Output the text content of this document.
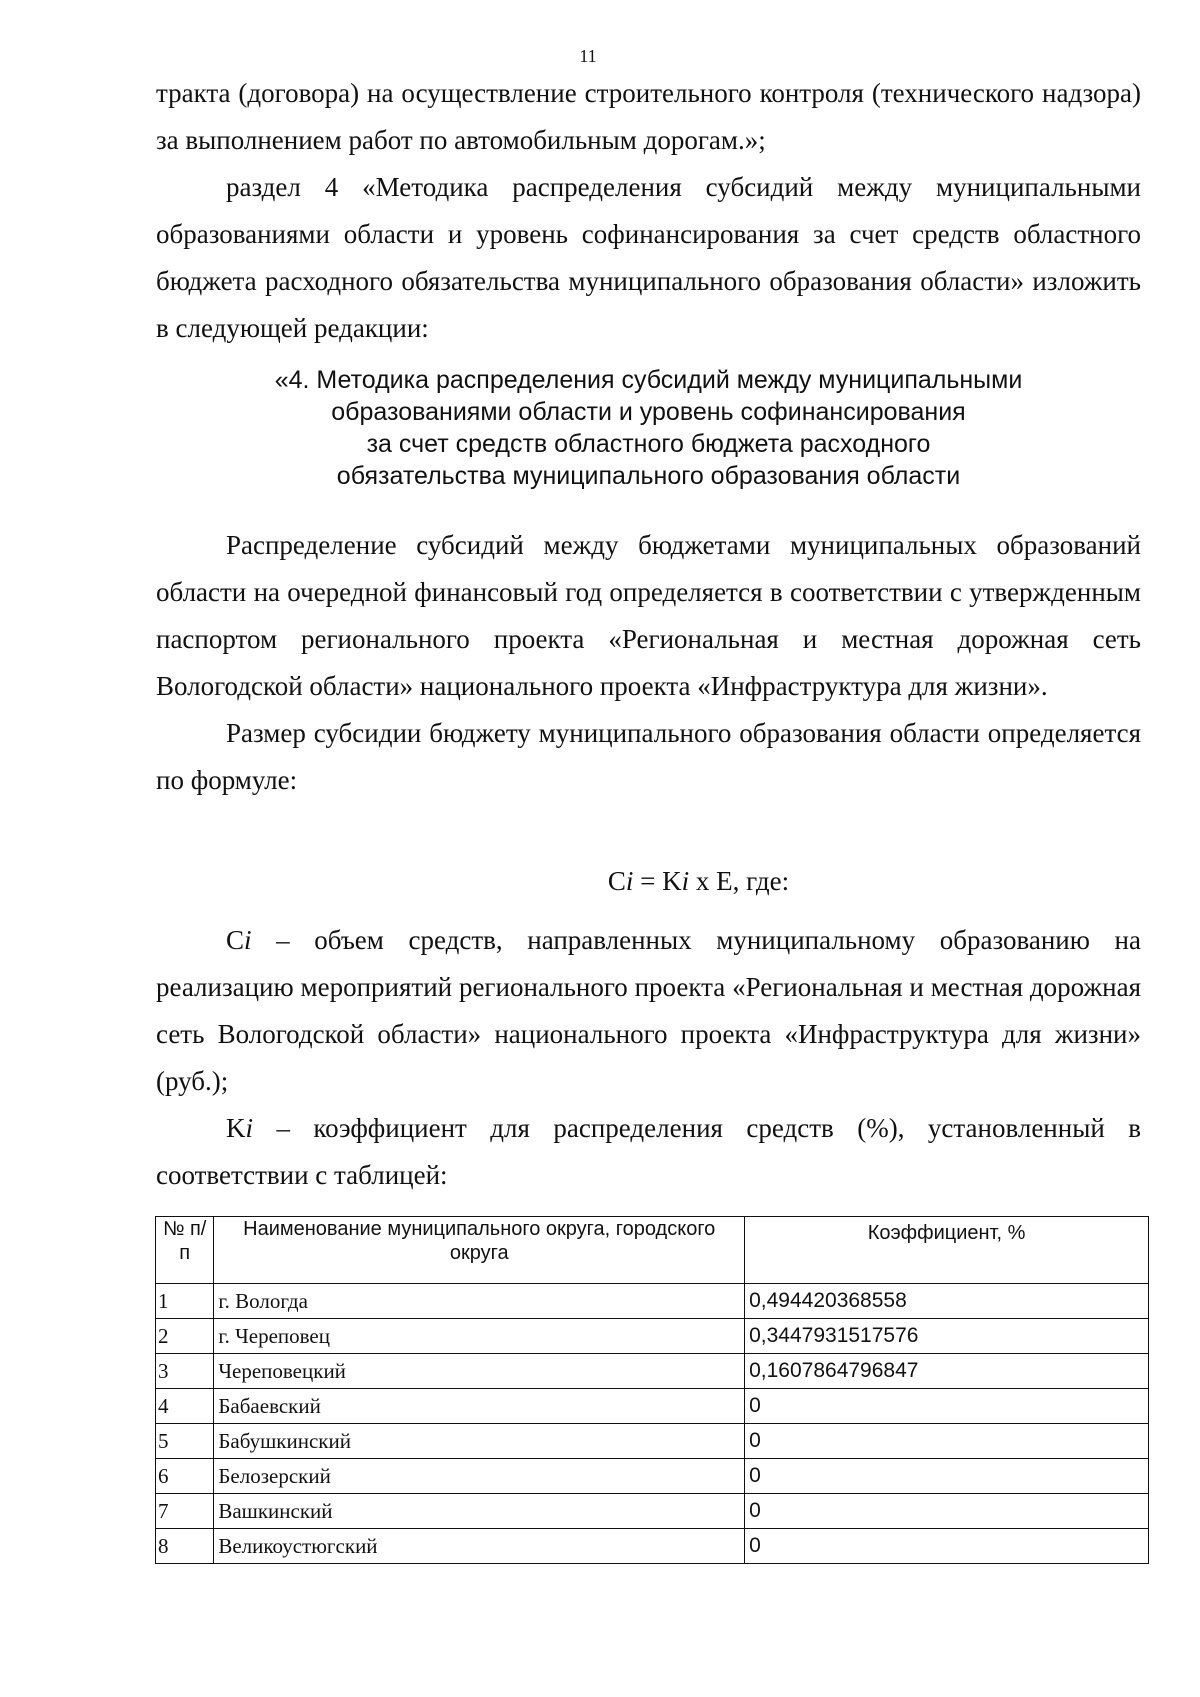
11

тракта (договора) на осуществление строительного контроля (технического надзора) за выполнением работ по автомобильным дорогам.»;

раздел 4 «Методика распределения субсидий между муниципальными образованиями области и уровень софинансирования за счет средств областного бюджета расходного обязательства муниципального образования области» изложить в следующей редакции:

«4. Методика распределения субсидий между муниципальными
образованиями области и уровень софинансирования
за счет средств областного бюджета расходного
обязательства муниципального образования области

Распределение субсидий между бюджетами муниципальных образований области на очередной финансовый год определяется в соответствии с утвержденным паспортом регионального проекта «Региональная и местная дорожная сеть Вологодской области» национального проекта «Инфраструктура для жизни».

Размер субсидии бюджету муниципального образования области определяется по формуле:

Ci = Ki x E, где:

Ci – объем средств, направленных муниципальному образованию на реализацию мероприятий регионального проекта «Региональная и местная дорожная сеть Вологодской области» национального проекта «Инфраструктура для жизни» (руб.);

Ki – коэффициент для распределения средств (%), установленный в соответствии с таблицей:

№ п/п	Наименование муниципального округа, городского округа	Коэффициент, %
1	г. Вологда	0,494420368558
2	г. Череповец	0,3447931517576
3	Череповецкий	0,1607864796847
4	Бабаевский	0
5	Бабушкинский	0
6	Белозерский	0
7	Вашкинский	0
8	Великоустюгский	0
